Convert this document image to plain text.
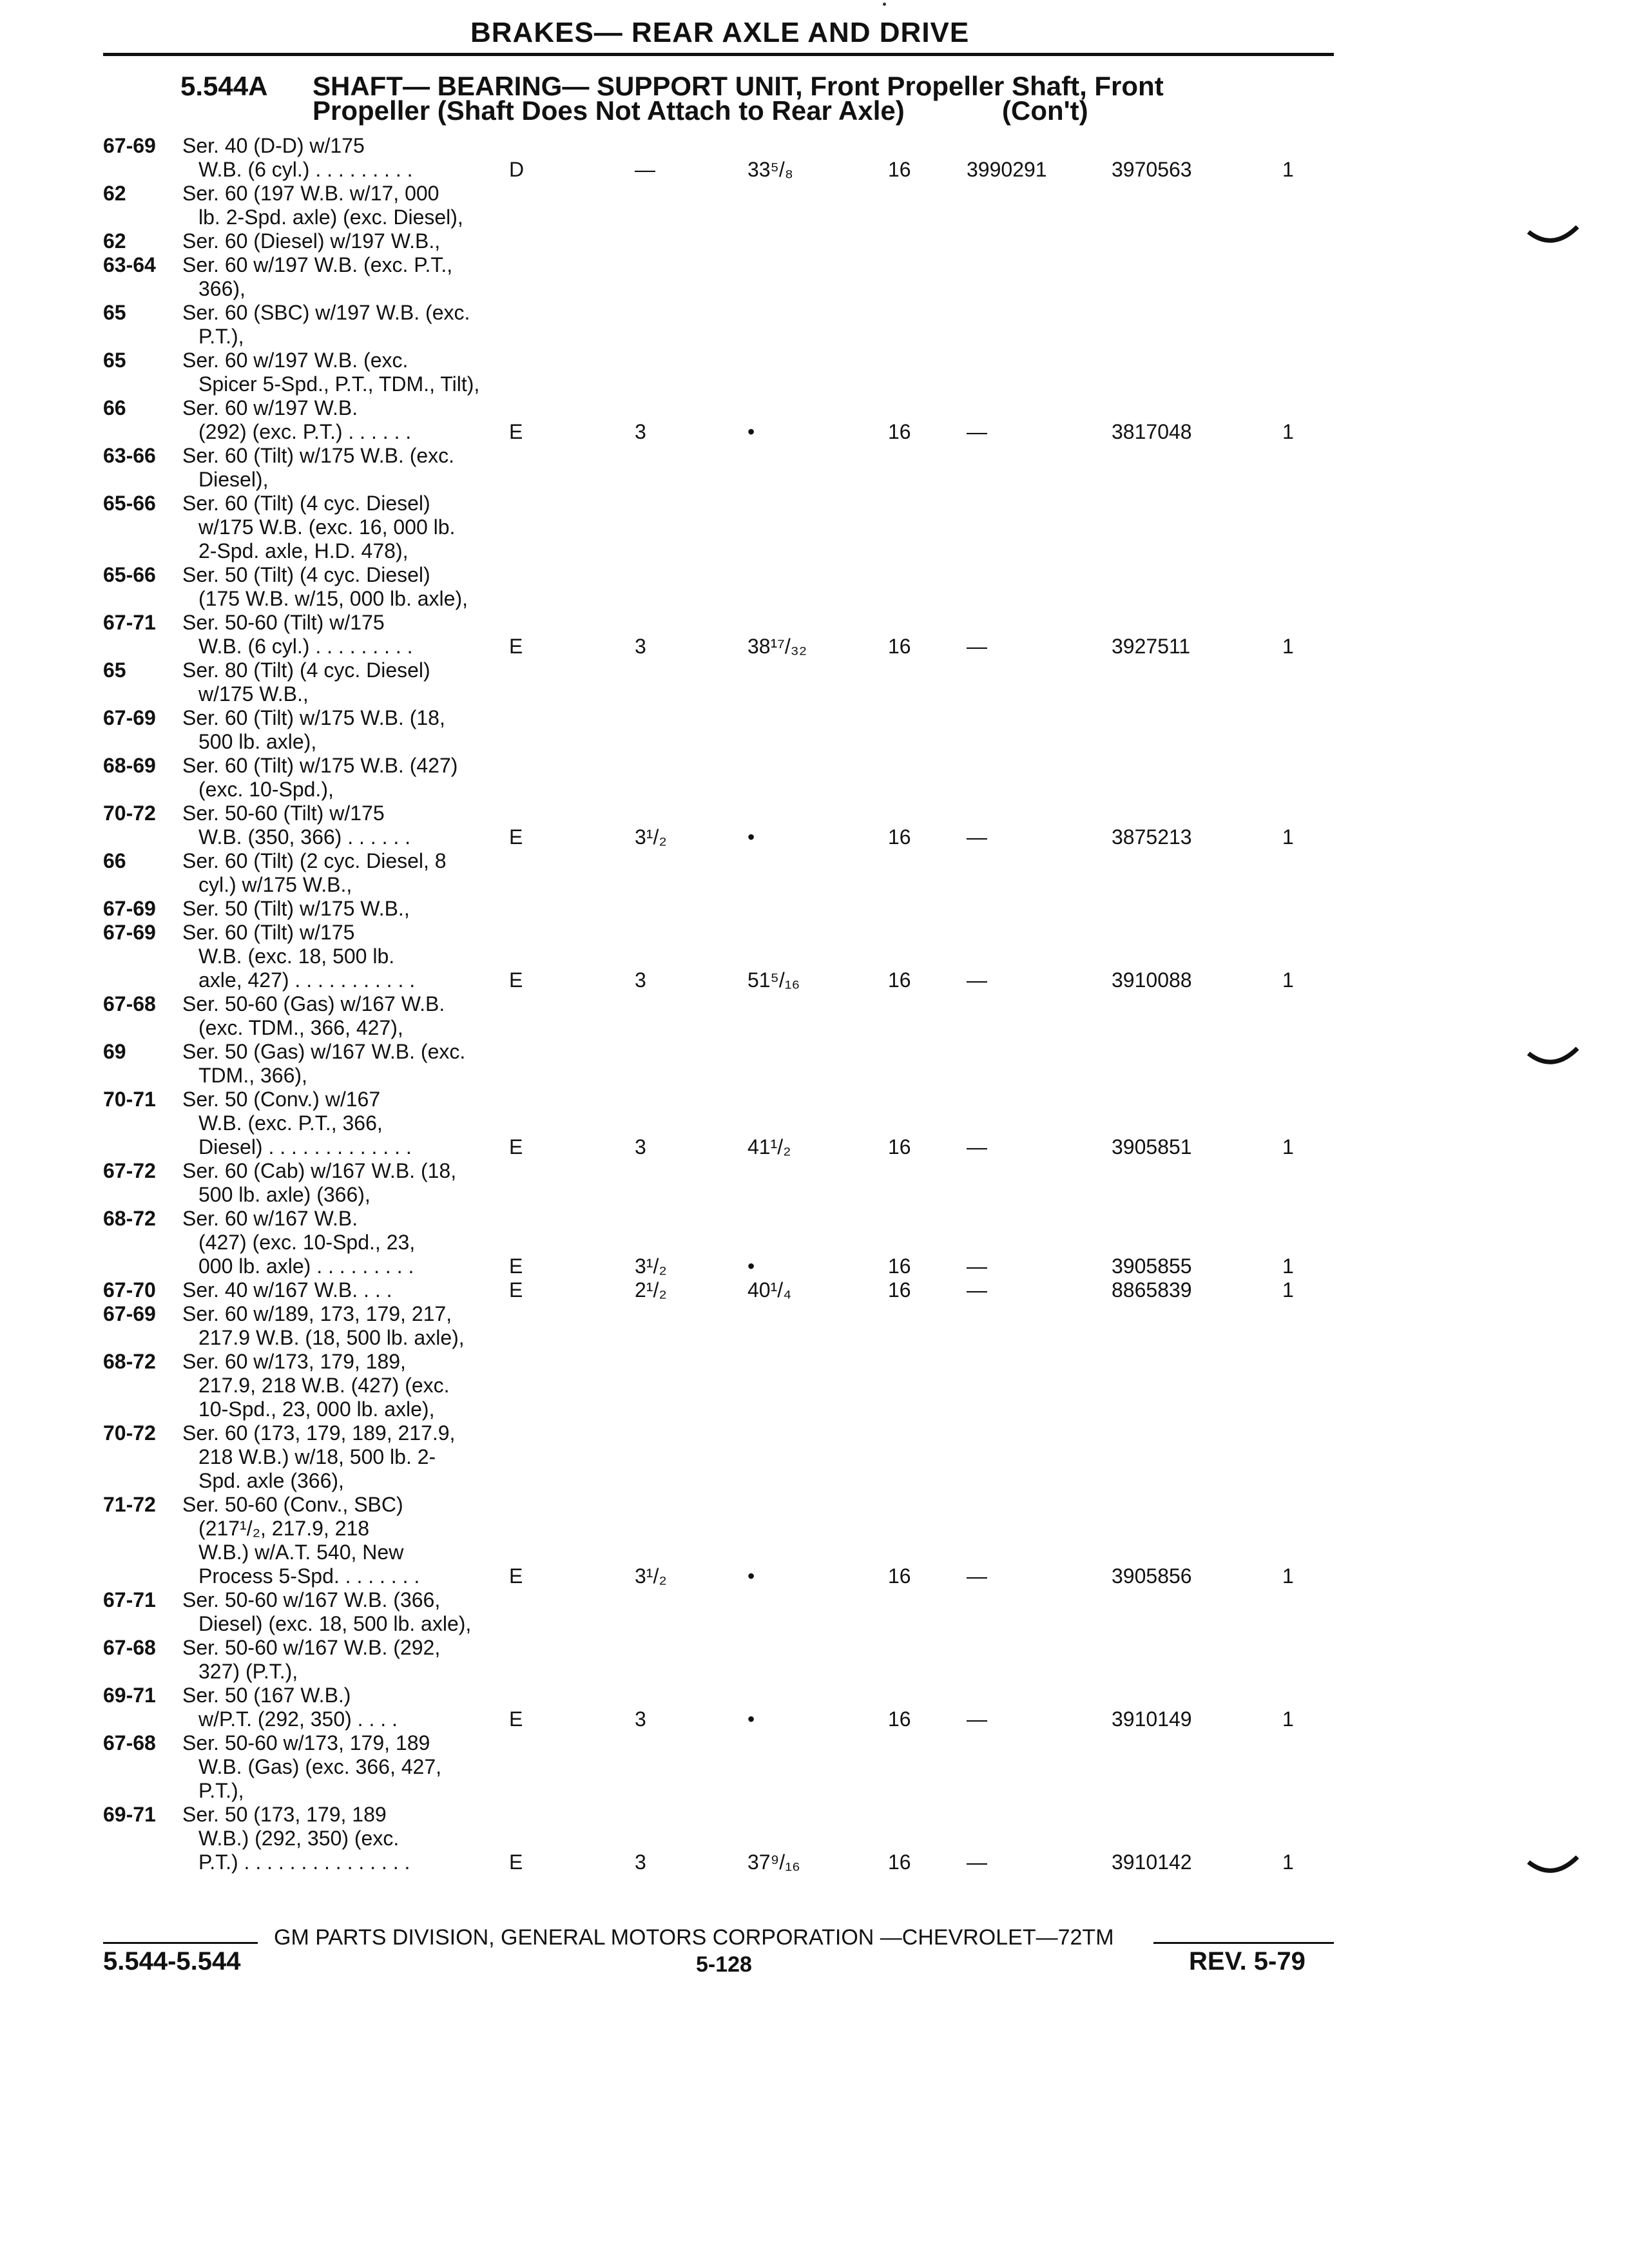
BRAKES— REAR AXLE AND DRIVE
5.544A SHAFT— BEARING— SUPPORT UNIT, Front Propeller Shaft, Front
Propeller (Shaft Does Not Attach to Rear Axle)	(Con't)
67-69 Ser. 40 (D-D) w/175
W.B. (6 cyl.) . . . . . . . . .	D	—	33⁵/₈	16	3990291	3970563	1
62	Ser. 60 (197 W.B. w/17, 000
lb. 2-Spd. axle) (exc. Diesel),
62	Ser. 60 (Diesel) w/197 W.B.,
63-64 Ser. 60 w/197 W.B. (exc. P.T.,
366),
65	Ser. 60 (SBC) w/197 W.B. (exc.
P.T.),
65	Ser. 60 w/197 W.B. (exc.
Spicer 5-Spd., P.T., TDM., Tilt),
66	Ser. 60 w/197 W.B.
(292) (exc. P.T.) . . . . . .	E	3	•	16	—	3817048	1
63-66 Ser. 60 (Tilt) w/175 W.B. (exc.
Diesel),
65-66 Ser. 60 (Tilt) (4 cyc. Diesel)
w/175 W.B. (exc. 16, 000 lb.
2-Spd. axle, H.D. 478),
65-66 Ser. 50 (Tilt) (4 cyc. Diesel)
(175 W.B. w/15, 000 lb. axle),
67-71 Ser. 50-60 (Tilt) w/175
W.B. (6 cyl.) . . . . . . . . .	E	3	38¹⁷/₃₂	16	—	3927511	1
65	Ser. 80 (Tilt) (4 cyc. Diesel)
w/175 W.B.,
67-69 Ser. 60 (Tilt) w/175 W.B. (18,
500 lb. axle),
68-69 Ser. 60 (Tilt) w/175 W.B. (427)
(exc. 10-Spd.),
70-72 Ser. 50-60 (Tilt) w/175
W.B. (350, 366) . . . . . .	E	3¹/₂	•	16	—	3875213	1
66	Ser. 60 (Tilt) (2 cyc. Diesel, 8
cyl.) w/175 W.B.,
67-69 Ser. 50 (Tilt) w/175 W.B.,
67-69 Ser. 60 (Tilt) w/175
W.B. (exc. 18, 500 lb.
axle, 427) . . . . . . . . . . .	E	3	51⁵/₁₆	16	—	3910088	1
67-68 Ser. 50-60 (Gas) w/167 W.B.
(exc. TDM., 366, 427),
69	Ser. 50 (Gas) w/167 W.B. (exc.
TDM., 366),
70-71 Ser. 50 (Conv.) w/167
W.B. (exc. P.T., 366,
Diesel) . . . . . . . . . . . . .	E	3	41¹/₂	16	—	3905851	1
67-72 Ser. 60 (Cab) w/167 W.B. (18,
500 lb. axle) (366),
68-72 Ser. 60 w/167 W.B.
(427) (exc. 10-Spd., 23,
000 lb. axle) . . . . . . . . .	E	3¹/₂	•	16	—	3905855	1
67-70 Ser. 40 w/167 W.B. . . .	E	2¹/₂	40¹/₄	16	—	8865839	1
67-69 Ser. 60 w/189, 173, 179, 217,
217.9 W.B. (18, 500 lb. axle),
68-72 Ser. 60 w/173, 179, 189,
217.9, 218 W.B. (427) (exc.
10-Spd., 23, 000 lb. axle),
70-72 Ser. 60 (173, 179, 189, 217.9,
218 W.B.) w/18, 500 lb. 2-
Spd. axle (366),
71-72 Ser. 50-60 (Conv., SBC)
(217¹/₂, 217.9, 218
W.B.) w/A.T. 540, New
Process 5-Spd. . . . . . . .	E	3¹/₂	•	16	—	3905856	1
67-71 Ser. 50-60 w/167 W.B. (366,
Diesel) (exc. 18, 500 lb. axle),
67-68 Ser. 50-60 w/167 W.B. (292,
327) (P.T.),
69-71 Ser. 50 (167 W.B.)
w/P.T. (292, 350) . . . .	E	3	•	16	—	3910149	1
67-68 Ser. 50-60 w/173, 179, 189
W.B. (Gas) (exc. 366, 427,
P.T.),
69-71 Ser. 50 (173, 179, 189
W.B.) (292, 350) (exc.
P.T.) . . . . . . . . . . . . . . .	E	3	37⁹/₁₆	16	—	3910142	1
GM PARTS DIVISION, GENERAL MOTORS CORPORATION —CHEVROLET—72TM
5.544-5.544	5-128	REV. 5-79
